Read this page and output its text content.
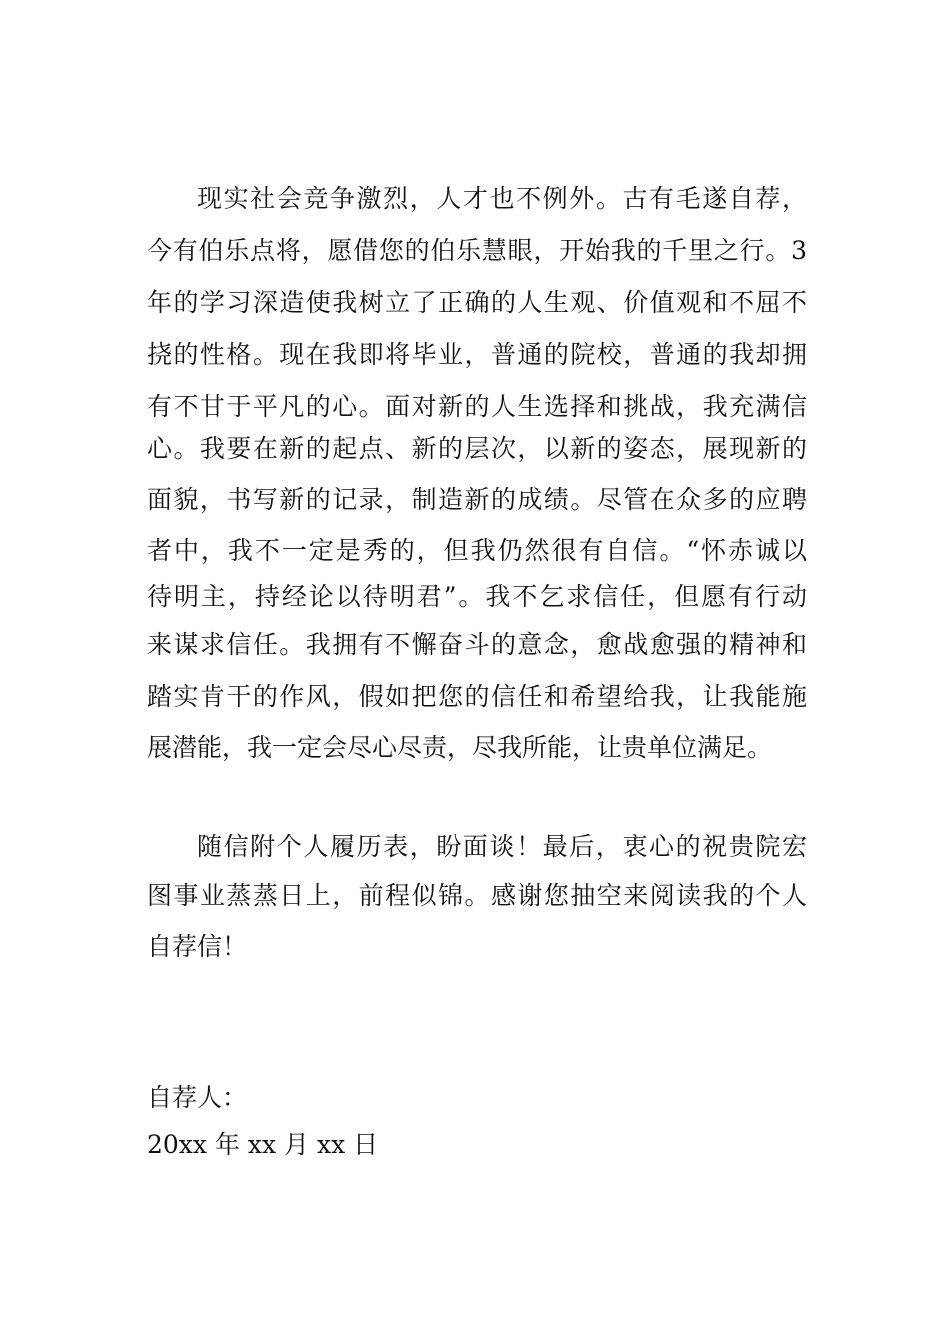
现实社会竞争激烈，人才也不例外。古有毛遂自荐，

今有伯乐点将，愿借您的伯乐慧眼，开始我的千里之行。3

年的学习深造使我树立了正确的人生观、价值观和不屈不

挠的性格。现在我即将毕业，普通的院校，普通的我却拥

有不甘于平凡的心。面对新的人生选择和挑战，我充满信

心。我要在新的起点、新的层次，以新的姿态，展现新的

面貌，书写新的记录，制造新的成绩。尽管在众多的应聘

者中，我不一定是秀的，但我仍然很有自信。“怀赤诚以

待明主，持经论以待明君”。我不乞求信任，但愿有行动

来谋求信任。我拥有不懈奋斗的意念，愈战愈强的精神和

踏实肯干的作风，假如把您的信任和希望给我，让我能施

展潜能，我一定会尽心尽责，尽我所能，让贵单位满足。

随信附个人履历表，盼面谈！最后，衷心的祝贵院宏

图事业蒸蒸日上，前程似锦。感谢您抽空来阅读我的个人

自荐信！

自荐人：

20xx 年 xx 月 xx 日
